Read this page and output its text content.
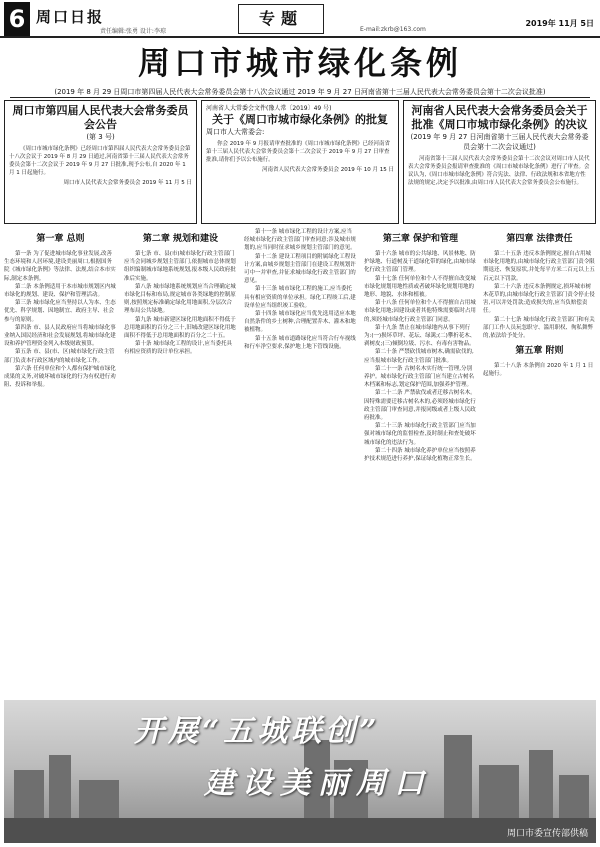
6 周口日报
责任编辑:张勇 设计:李琼
专题
E-mail:zkrb@163.com
2019年 11月 5日
周口市城市绿化条例
(2019 年 8 月 29 日周口市第四届人民代表大会常务委员会第十八次会议通过 2019 年 9 月 27 日河南省第十三届人民代表大会常务委员会第十二次会议批准)
周口市第四届人民代表大会常务委员会公告
(第 3 号)
《周口市城市绿化条例》已经周口市第四届人民代表大会常务委员会第十八次会议于 2019 年 8 月 29 日通过,河南省第十三届人民代表大会常务委员会第十二次会议于 2019 年 9 月 27 日批准,现予公布,自 2020 年 1 月 1 日起施行。
周口市人民代表大会常务委员会 2019 年 11 月 5 日
河南省人大常委会文件(豫人常〔2019〕49 号)
关于《周口市城市绿化条例》的批复
周口市人大常委会:
你会 2019 年 9 月报请审查批准的《周口市城市绿化条例》已经河南省第十三届人民代表大会常务委员会第十二次会议于 2019 年 9 月 27 日审查批准,请你们予以公布施行。
河南省人民代表大会常务委员会 2019 年 10 月 15 日
河南省人民代表大会常务委员会关于批准《周口市城市绿化条例》的决议
(2019 年 9 月 27 日河南省第十三届人民代表大会常务委员会第十二次会议通过)
河南省第十三届人民代表大会常务委员会第十二次会议对周口市人民代表大会常务委员会报请审查批准的《周口市城市绿化条例》进行了审查。会议认为,《周口市城市绿化条例》符合宪法、法律、行政法规和本省地方性法规的规定,决定予以批准,由周口市人民代表大会常务委员会公布施行。
第一章 总则

第一条 为了促进城市绿化事业发展,改善生态环境和人居环境,建设美丽周口,根据国务院《城市绿化条例》等法律、法规,结合本市实际,制定本条例。

第二条 本条例适用于本市城市规划区内城市绿化的规划、建设、保护和管理活动。

第三条 城市绿化应当坚持以人为本、生态优先、科学规划、因地制宜、政府主导、社会参与的原则。

第四条 市、县人民政府应当将城市绿化事业纳入国民经济和社会发展规划,将城市绿化建设和养护管理资金列入本级财政预算。

第五条 市、县(市、区)城市绿化行政主管部门负责本行政区域内的城市绿化工作。

第六条 任何单位和个人都有保护城市绿化成果的义务,对破坏城市绿化的行为有权进行劝阻、投诉和举报。

第二章 规划和建设

第七条 市、县(市)城市绿化行政主管部门应当会同城乡规划主管部门,依据城市总体规划组织编制城市绿地系统规划,报本级人民政府批准后实施。

第八条 城市绿地系统规划应当合理确定城市绿化目标和布局,规定城市各类绿地的控制原则,按照规定标准确定绿化用地面积,分层次合理布局公共绿地。

第九条 城市新建区绿化用地面积不得低于总用地面积的百分之三十,旧城改建区绿化用地面积不得低于总用地面积的百分之二十五。

第十条 城市绿化工程的设计,应当委托具有相应资质的设计单位承担。

第十一条 城市绿化工程的设计方案,应当经城市绿化行政主管部门审查同意;涉及城市规划的,应当同时征求城乡规划主管部门的意见。

第十二条 建设工程项目的附属绿化工程设计方案,由城乡规划主管部门在建设工程规划许可中一并审查,并征求城市绿化行政主管部门的意见。

第十三条 城市绿化工程的施工,应当委托具有相应资质的单位承担。绿化工程竣工后,建设单位应当组织竣工验收。

第十四条 城市绿化应当优先选用适应本地自然条件的乡土树种,合理配置乔木、灌木和地被植物。

第十五条 城市道路绿化应当符合行车视线和行车净空要求,保护地上地下管线设施。

第三章 保护和管理

第十六条 城市的公共绿地、风景林地、防护绿地、行道树及干道绿化带的绿化,由城市绿化行政主管部门管理。

第十七条 任何单位和个人不得擅自改变城市绿化规划用地性质或者破坏绿化规划用地的地形、地貌、水体和植被。

第十八条 任何单位和个人不得擅自占用城市绿化用地;因建设或者其他特殊需要临时占用的,须经城市绿化行政主管部门同意。

第十九条 禁止在城市绿地内从事下列行为:(一)损坏草坪、花坛、绿篱;(二)攀折花木、剥树皮;(三)倾倒垃圾、污水、有毒有害物品。

第二十条 严禁砍伐城市树木,确需砍伐的,应当报城市绿化行政主管部门批准。

第二十一条 古树名木实行统一管理,分别养护。城市绿化行政主管部门应当建立古树名木档案和标志,划定保护范围,加强养护管理。

第二十二条 严禁砍伐或者迁移古树名木。因特殊需要迁移古树名木的,必须经城市绿化行政主管部门审查同意,并报同级或者上级人民政府批准。

第二十三条 城市绿化行政主管部门应当加强对城市绿化的监督检查,及时制止和查处破坏城市绿化的违法行为。

第二十四条 城市绿化养护单位应当按照养护技术规范进行养护,保证绿化植物正常生长。

第四章 法律责任

第二十五条 违反本条例规定,擅自占用城市绿化用地的,由城市绿化行政主管部门责令限期退还、恢复原状,并处每平方米二百元以上五百元以下罚款。

第二十六条 违反本条例规定,损坏城市树木花草的,由城市绿化行政主管部门责令停止侵害,可以并处罚款;造成损失的,应当负赔偿责任。

第二十七条 城市绿化行政主管部门和有关部门工作人员玩忽职守、滥用职权、徇私舞弊的,依法给予处分。

第五章 附则

第二十八条 本条例自 2020 年 1 月 1 日起施行。

开展“五城联创”
建设美丽周口
周口市委宣传部供稿
